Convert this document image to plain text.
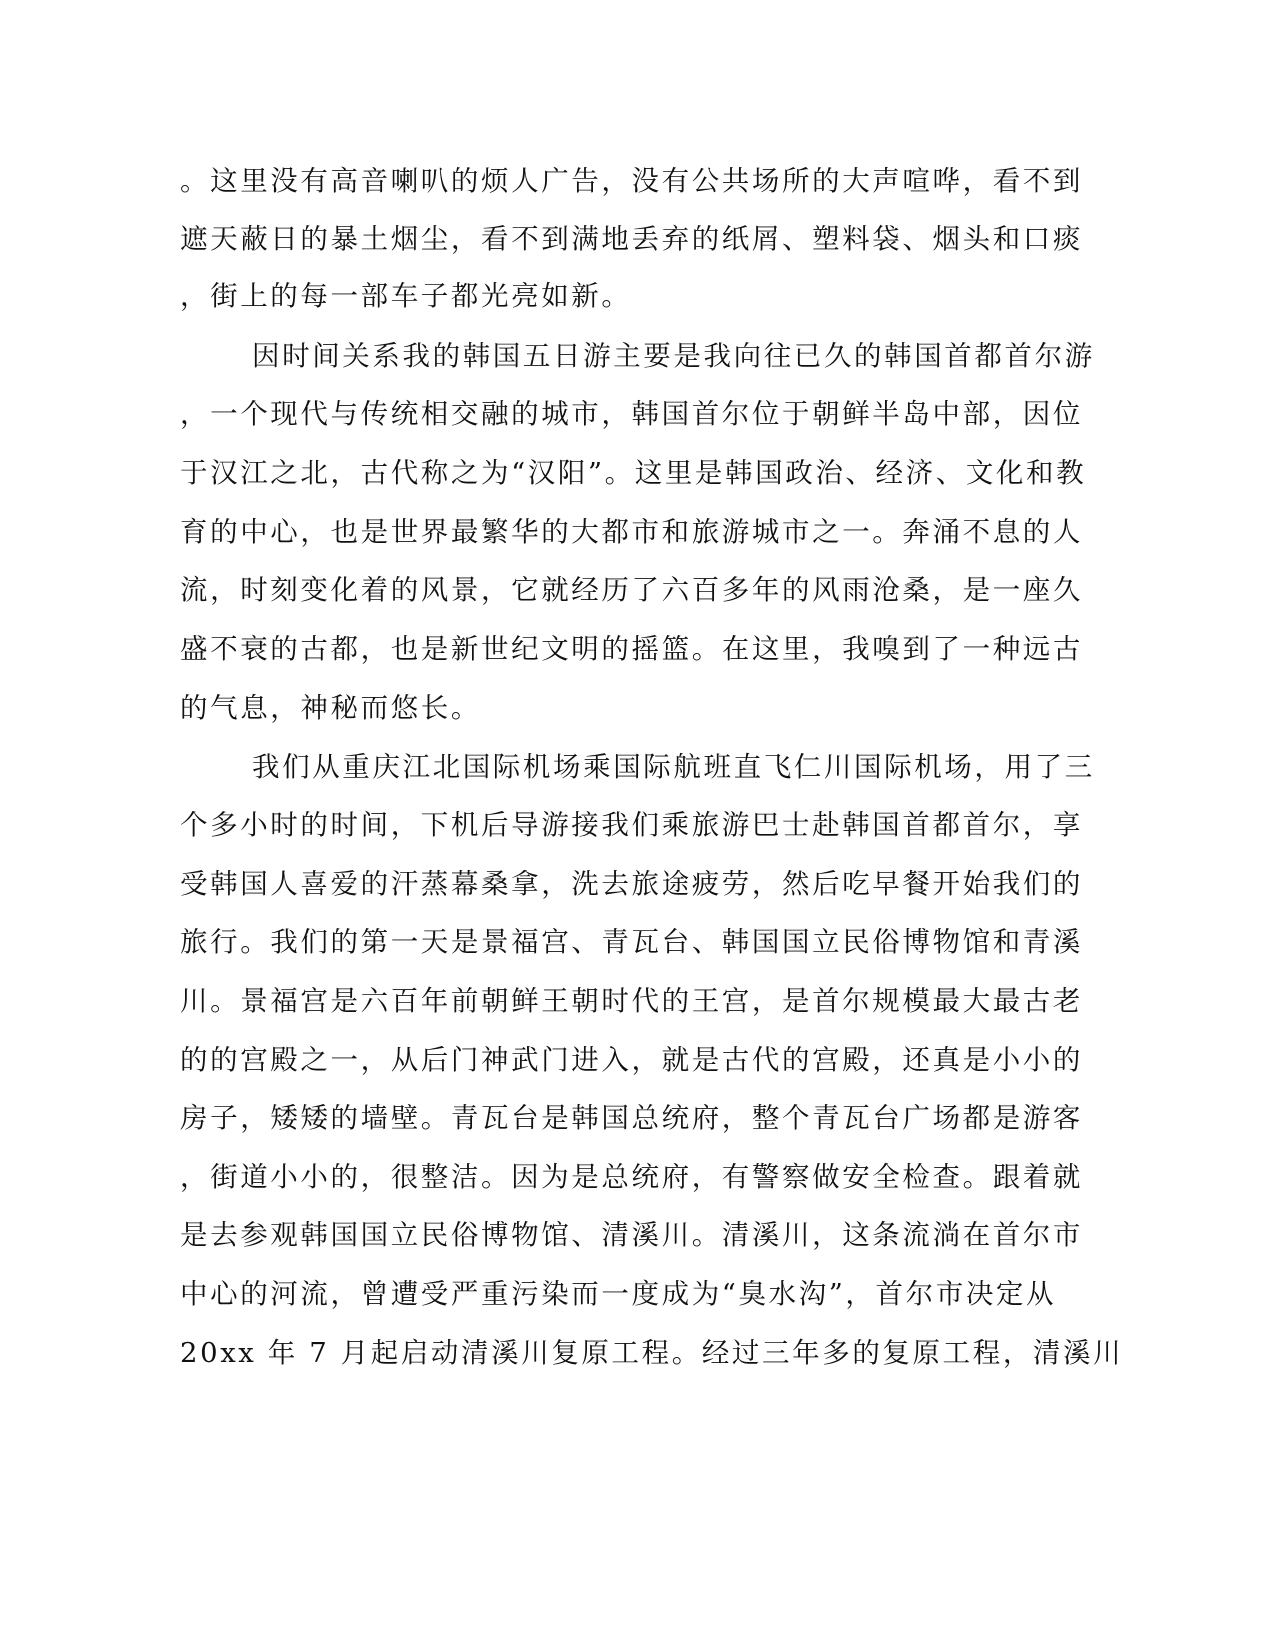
。这里没有高音喇叭的烦人广告，没有公共场所的大声喧哗，看不到
遮天蔽日的暴土烟尘，看不到满地丢弃的纸屑、塑料袋、烟头和口痰
，街上的每一部车子都光亮如新。
因时间关系我的韩国五日游主要是我向往已久的韩国首都首尔游
，一个现代与传统相交融的城市，韩国首尔位于朝鲜半岛中部，因位
于汉江之北，古代称之为“汉阳”。这里是韩国政治、经济、文化和教
育的中心，也是世界最繁华的大都市和旅游城市之一。奔涌不息的人
流，时刻变化着的风景，它就经历了六百多年的风雨沧桑，是一座久
盛不衰的古都，也是新世纪文明的摇篮。在这里，我嗅到了一种远古
的气息，神秘而悠长。
我们从重庆江北国际机场乘国际航班直飞仁川国际机场，用了三
个多小时的时间，下机后导游接我们乘旅游巴士赴韩国首都首尔，享
受韩国人喜爱的汗蒸幕桑拿，洗去旅途疲劳，然后吃早餐开始我们的
旅行。我们的第一天是景福宫、青瓦台、韩国国立民俗博物馆和青溪
川。景福宫是六百年前朝鲜王朝时代的王宫，是首尔规模最大最古老
的的宫殿之一，从后门神武门进入，就是古代的宫殿，还真是小小的
房子，矮矮的墙壁。青瓦台是韩国总统府，整个青瓦台广场都是游客
，街道小小的，很整洁。因为是总统府，有警察做安全检查。跟着就
是去参观韩国国立民俗博物馆、清溪川。清溪川，这条流淌在首尔市
中心的河流，曾遭受严重污染而一度成为“臭水沟”，首尔市决定从
20xx 年 7 月起启动清溪川复原工程。经过三年多的复原工程，清溪川
